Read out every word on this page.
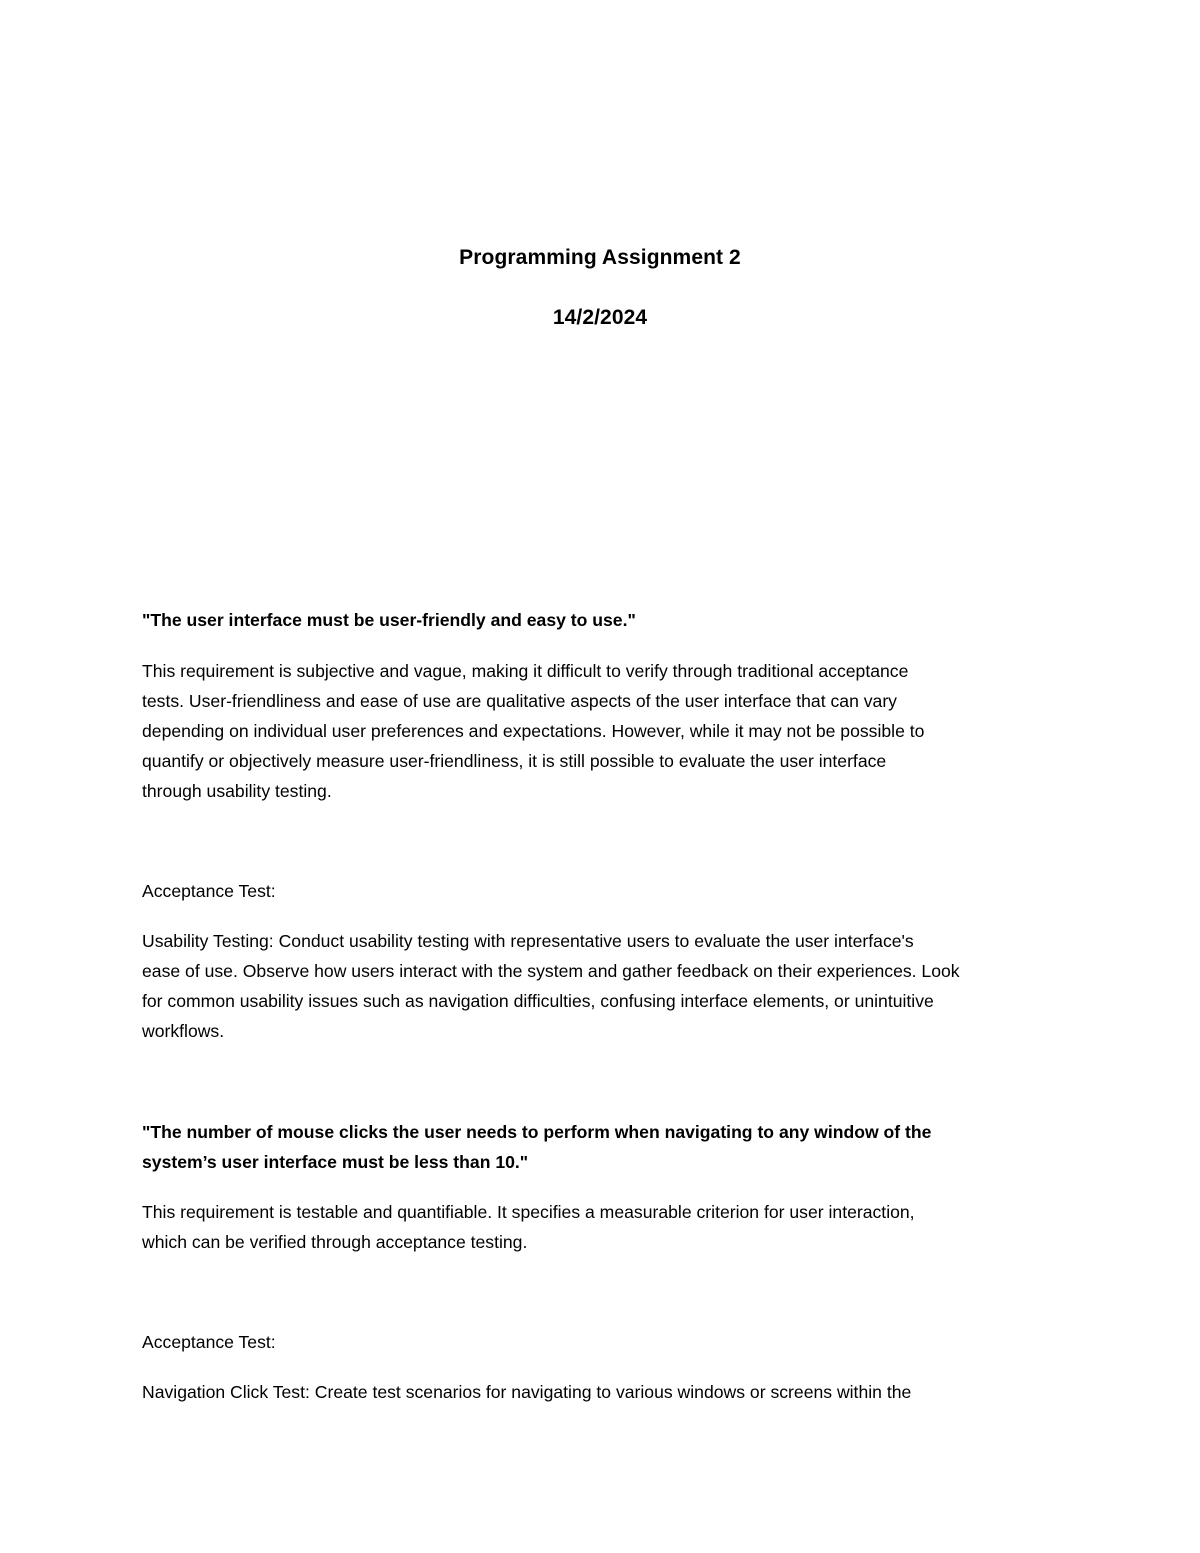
Programming Assignment 2
14/2/2024
"The user interface must be user-friendly and easy to use."
This requirement is subjective and vague, making it difficult to verify through traditional acceptance
tests. User-friendliness and ease of use are qualitative aspects of the user interface that can vary
depending on individual user preferences and expectations. However, while it may not be possible to
quantify or objectively measure user-friendliness, it is still possible to evaluate the user interface
through usability testing.
Acceptance Test:
Usability Testing: Conduct usability testing with representative users to evaluate the user interface's
ease of use. Observe how users interact with the system and gather feedback on their experiences. Look
for common usability issues such as navigation difficulties, confusing interface elements, or unintuitive
workflows.
"The number of mouse clicks the user needs to perform when navigating to any window of the
system’s user interface must be less than 10."
This requirement is testable and quantifiable. It specifies a measurable criterion for user interaction,
which can be verified through acceptance testing.
Acceptance Test:
Navigation Click Test: Create test scenarios for navigating to various windows or screens within the
